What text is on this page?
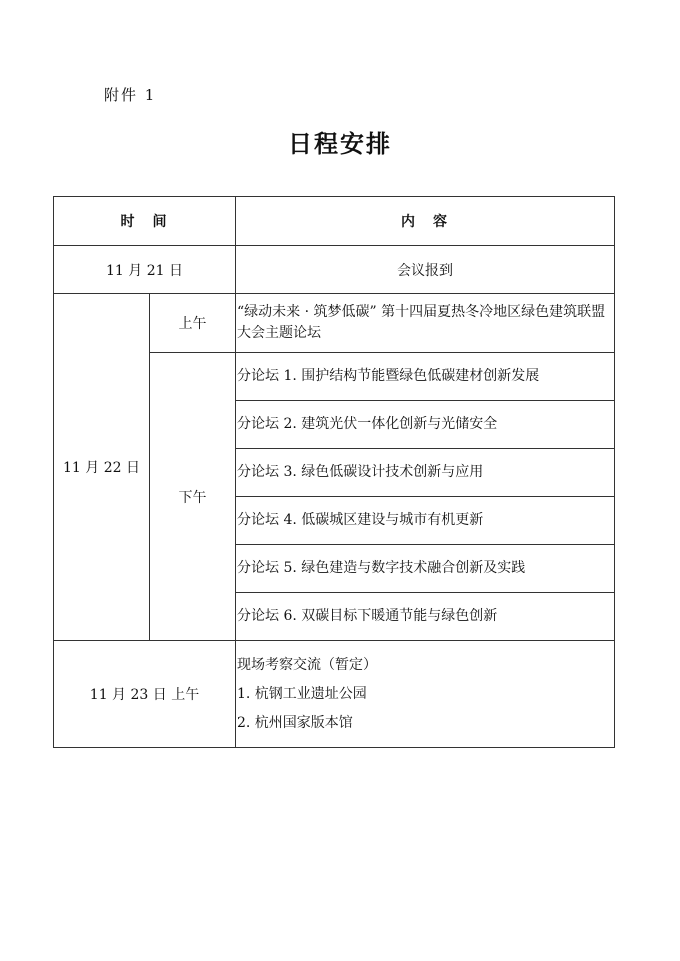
附件 1
日程安排
时　间		内　容
11 月 21 日		会议报到
11 月 22 日	上午	“绿动未来 · 筑梦低碳” 第十四届夏热冬冷地区绿色建筑联盟大会主题论坛
	下午	分论坛 1. 围护结构节能暨绿色低碳建材创新发展
		分论坛 2. 建筑光伏一体化创新与光储安全
		分论坛 3. 绿色低碳设计技术创新与应用
		分论坛 4. 低碳城区建设与城市有机更新
		分论坛 5. 绿色建造与数字技术融合创新及实践
		分论坛 6. 双碳目标下暖通节能与绿色创新
11 月 23 日 上午		现场考察交流（暂定）
1. 杭钢工业遗址公园
2. 杭州国家版本馆
